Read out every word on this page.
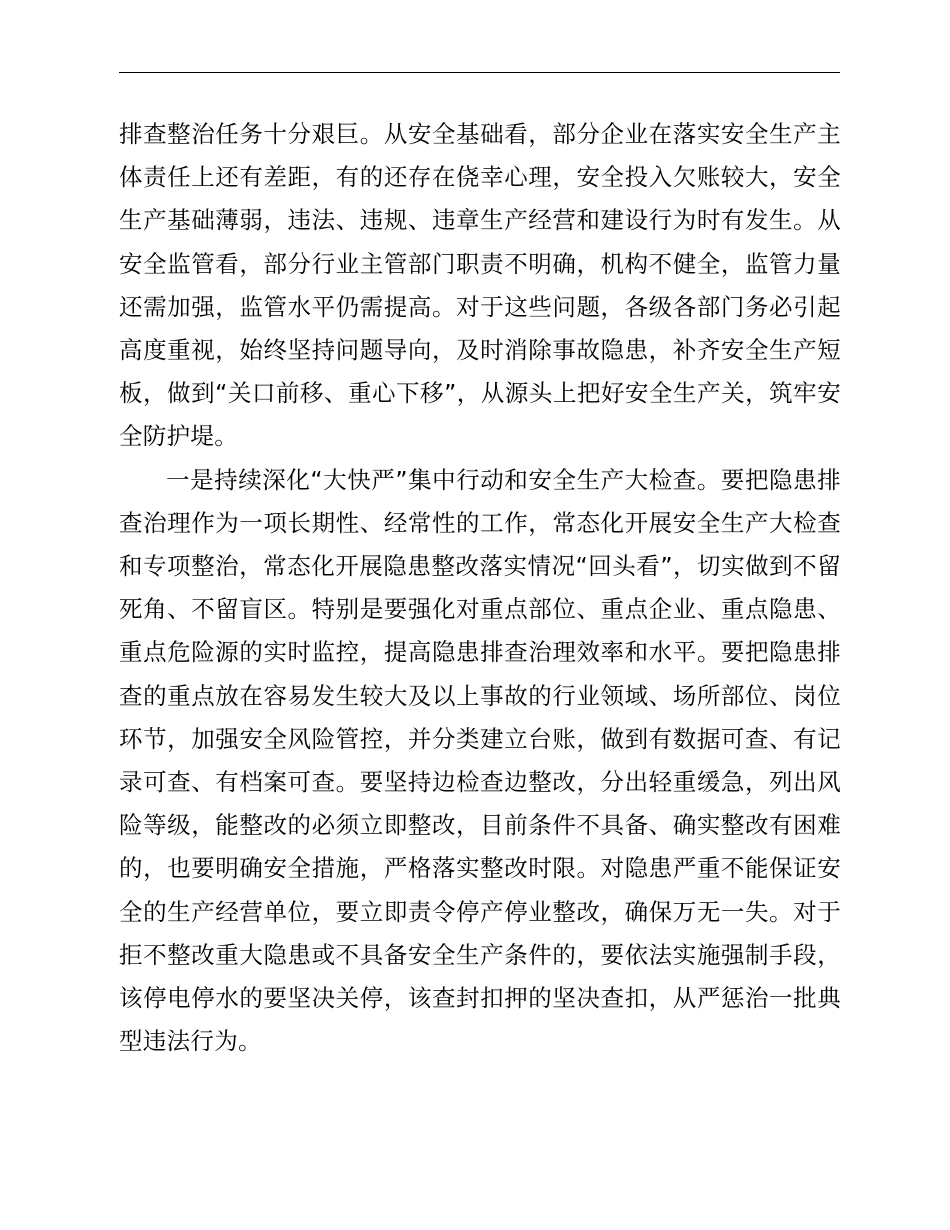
排查整治任务十分艰巨。从安全基础看，部分企业在落实安全生产主体责任上还有差距，有的还存在侥幸心理，安全投入欠账较大，安全生产基础薄弱，违法、违规、违章生产经营和建设行为时有发生。从安全监管看，部分行业主管部门职责不明确，机构不健全，监管力量还需加强，监管水平仍需提高。对于这些问题，各级各部门务必引起高度重视，始终坚持问题导向，及时消除事故隐患，补齐安全生产短板，做到“关口前移、重心下移”，从源头上把好安全生产关，筑牢安全防护堤。

一是持续深化“大快严”集中行动和安全生产大检查。要把隐患排查治理作为一项长期性、经常性的工作，常态化开展安全生产大检查和专项整治，常态化开展隐患整改落实情况“回头看”，切实做到不留死角、不留盲区。特别是要强化对重点部位、重点企业、重点隐患、重点危险源的实时监控，提高隐患排查治理效率和水平。要把隐患排查的重点放在容易发生较大及以上事故的行业领域、场所部位、岗位环节，加强安全风险管控，并分类建立台账，做到有数据可查、有记录可查、有档案可查。要坚持边检查边整改，分出轻重缓急，列出风险等级，能整改的必须立即整改，目前条件不具备、确实整改有困难的，也要明确安全措施，严格落实整改时限。对隐患严重不能保证安全的生产经营单位，要立即责令停产停业整改，确保万无一失。对于拒不整改重大隐患或不具备安全生产条件的，要依法实施强制手段，该停电停水的要坚决关停，该查封扣押的坚决查扣，从严惩治一批典型违法行为。
